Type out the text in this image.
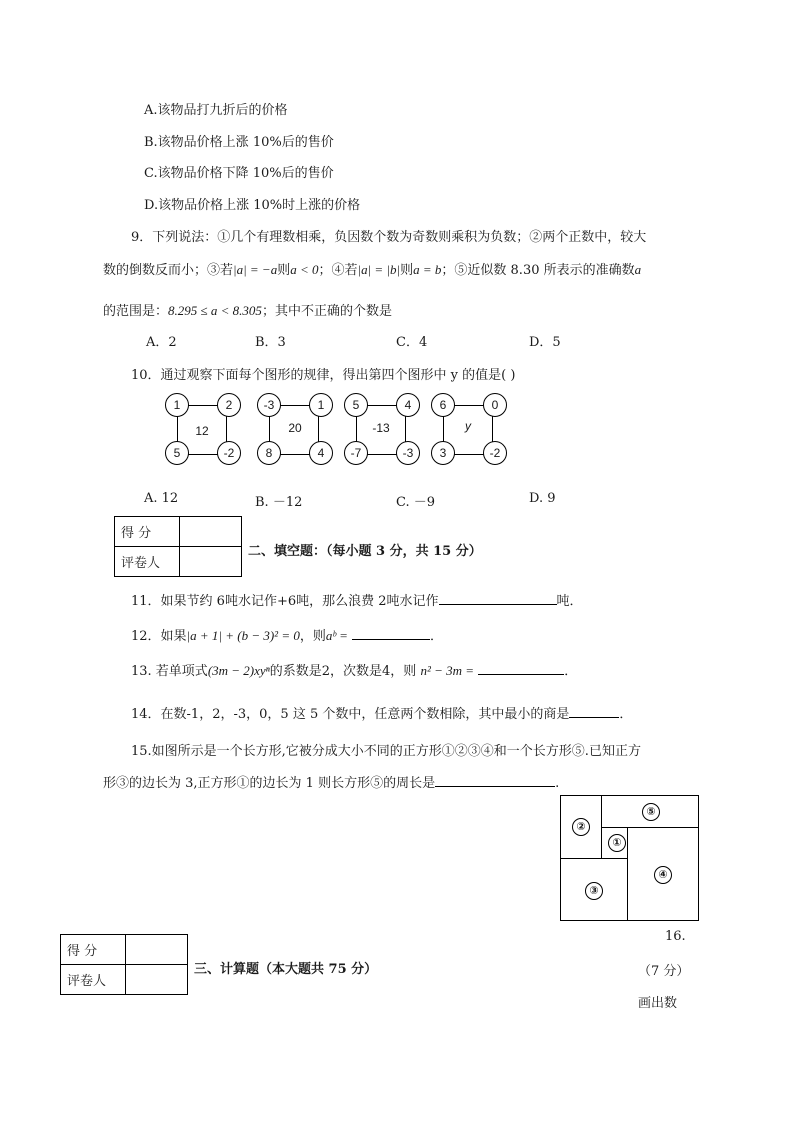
A.该物品打九折后的价格
B.该物品价格上涨 10%后的售价
C.该物品价格下降 10%后的售价
D.该物品价格上涨 10%时上涨的价格
9．下列说法：①几个有理数相乘，负因数个数为奇数则乘积为负数；②两个正数中，较大
数的倒数反而小；③若|a| = −a则a < 0；④若|a| = |b|则a = b；⑤近似数 8.30 所表示的准确数a
的范围是：8.295 ≤ a < 8.305；其中不正确的个数是
A．2	B．3	C．4	D．5
10．通过观察下面每个图形的规律，得出第四个图形中 y 的值是( )
1	2
5	-2
12
-3	1
8	4
20
5	4
-7	-3
-13
6	0
3	-2
y
A. 12	B. －12	C. －9	D. 9
得 分	
评卷人	
二、填空题：（每小题 3 分，共 15 分）
11．如果节约 6吨水记作+6吨，那么浪费 2吨水记作	吨．
12．如果|a + 1| + (b − 3)² = 0，则aᵇ =	．
13. 若单项式(3m − 2)xyⁿ的系数是2，次数是4，则 n² − 3m =	．
14．在数-1，2，-3，0，5 这 5 个数中，任意两个数相除，其中最小的商是	．
15.如图所示是一个长方形,它被分成大小不同的正方形①②③④和一个长方形⑤.已知正方
形③的边长为 3,正方形①的边长为 1 则长方形⑤的周长是	.
⑤
②
①
④
③
得 分	
评卷人	
三、计算题（本大题共 75 分）
16.
（7 分）
画出数
